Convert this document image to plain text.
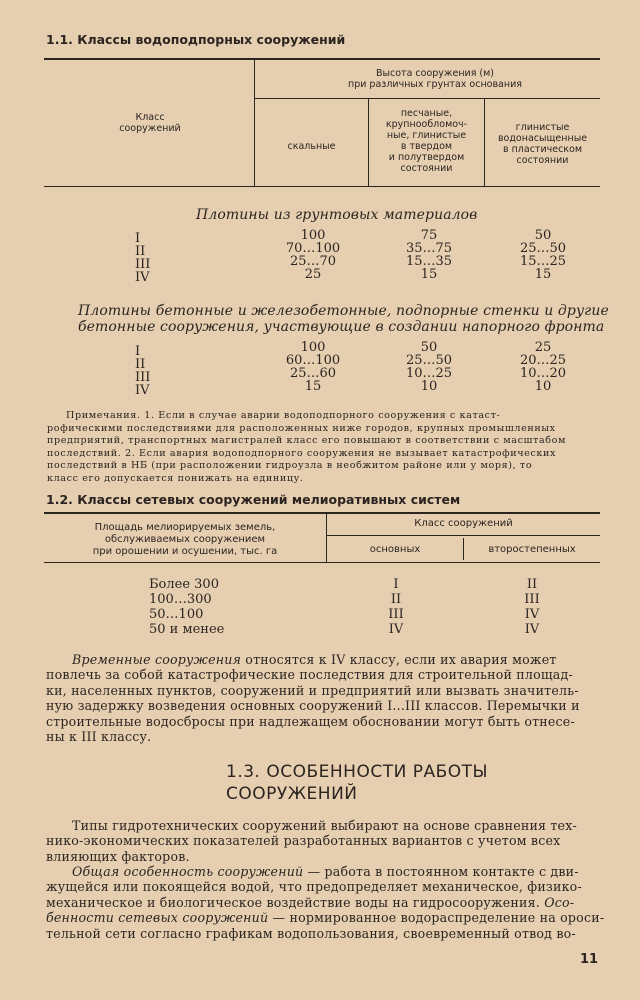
1.1. Классы водоподпорных сооружений
Класс
сооружений
Высота сооружения (м)
при различных грунтах основания
скальные
песчаные,
крупнообломоч-
ные, глинистые
в твердом
и полутвердом
состоянии
глинистые
водонасыщенные
в пластическом
состоянии
Плотины из грунтовых материалов
I
II
III
IV
100
70…100
25…70
25
75
35…75
15…35
15
50
25…50
15…25
15
Плотины бетонные и железобетонные, подпорные стенки и другие
бетонные сооружения, участвующие в создании напорного фронта
I
II
III
IV
100
60…100
25…60
15
50
25…50
10…25
10
25
20…25
10…20
10
Примечания. 1. Если в случае аварии водоподпорного сооружения с катаст-
рофическими последствиями для расположенных ниже городов, крупных промышленных
предприятий, транспортных магистралей класс его повышают в соответствии с масштабом
последствий. 2. Если авария водоподпорного сооружения не вызывает катастрофических
последствий в НБ (при расположении гидроузла в необжитом районе или у моря), то
класс его допускается понижать на единицу.
1.2. Классы сетевых сооружений мелиоративных систем
Площадь мелиорируемых земель,
обслуживаемых сооружением
при орошении и осушении, тыс. га
Класс сооружений
основных	второстепенных
Более 300
100…300
50…100
50 и менее
I
II
III
IV
II
III
IV
IV
Временные сооружения относятся к IV классу, если их авария может
повлечь за собой катастрофические последствия для строительной площад-
ки, населенных пунктов, сооружений и предприятий или вызвать значитель-
ную задержку возведения основных сооружений I...III классов. Перемычки и
строительные водосбросы при надлежащем обосновании могут быть отнесе-
ны к III классу.
1.3. ОСОБЕННОСТИ РАБОТЫ
СООРУЖЕНИЙ
Типы гидротехнических сооружений выбирают на основе сравнения тех-
нико-экономических показателей разработанных вариантов с учетом всех
влияющих факторов.
Общая особенность сооружений — работа в постоянном контакте с дви-
жущейся или покоящейся водой, что предопределяет механическое, физико-
механическое и биологическое воздействие воды на гидросооружения. Осо-
бенности сетевых сооружений — нормированное водораспределение на ороси-
тельной сети согласно графикам водопользования, своевременный отвод во-
11
